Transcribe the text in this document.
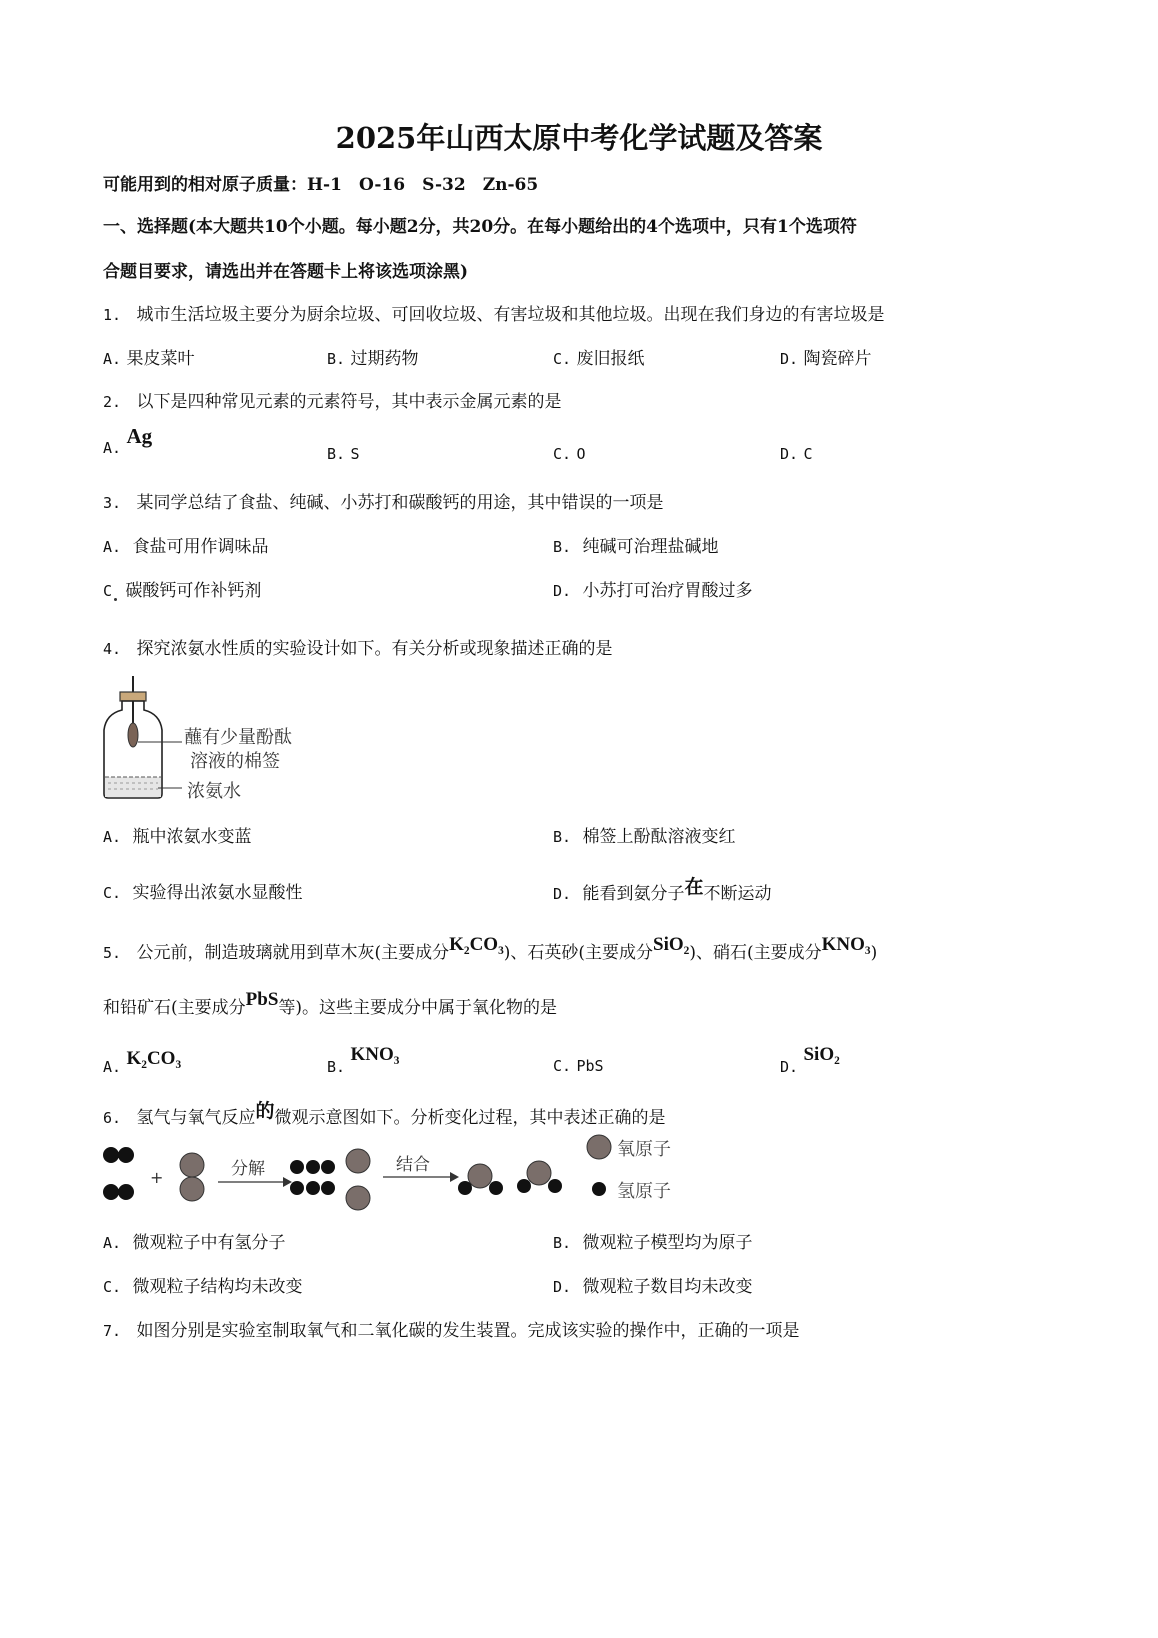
2025年山西太原中考化学试题及答案
可能用到的相对原子质量：H-1　O-16　S-32　Zn-65
一、选择题(本大题共10个小题。每小题2分，共20分。在每小题给出的4个选项中，只有1个选项符
合题目要求，请选出并在答题卡上将该选项涂黑)
1. 城市生活垃圾主要分为厨余垃圾、可回收垃圾、有害垃圾和其他垃圾。出现在我们身边的有害垃圾是
A. 果皮菜叶	B. 过期药物	C. 废旧报纸	D. 陶瓷碎片
2. 以下是四种常见元素的元素符号，其中表示金属元素的是
A. Ag
B. S	C. O	D. C
3. 某同学总结了食盐、纯碱、小苏打和碳酸钙的用途，其中错误的一项是
A. 食盐可用作调味品	B. 纯碱可治理盐碱地
C 碳酸钙可作补钙剂	D. 小苏打可治疗胃酸过多
4. 探究浓氨水性质的实验设计如下。有关分析或现象描述正确的是
蘸有少量酚酞
溶液的棉签
浓氨水
A. 瓶中浓氨水变蓝	B. 棉签上酚酞溶液变红
C. 实验得出浓氨水显酸性	D. 能看到氨分子在不断运动
5. 公元前，制造玻璃就用到草木灰(主要成分K₂CO₃)、石英砂(主要成分SiO₂)、硝石(主要成分KNO₃)
和铅矿石(主要成分PbS等)。这些主要成分中属于氧化物的是
A. K₂CO₃	B. KNO₃
C. PbS	D. SiO₂
6. 氢气与氧气反应的微观示意图如下。分析变化过程，其中表述正确的是
+	分解	结合
氧原子
氢原子
A. 微观粒子中有氢分子	B. 微观粒子模型均为原子
C. 微观粒子结构均未改变	D. 微观粒子数目均未改变
7. 如图分别是实验室制取氧气和二氧化碳的发生装置。完成该实验的操作中，正确的一项是
